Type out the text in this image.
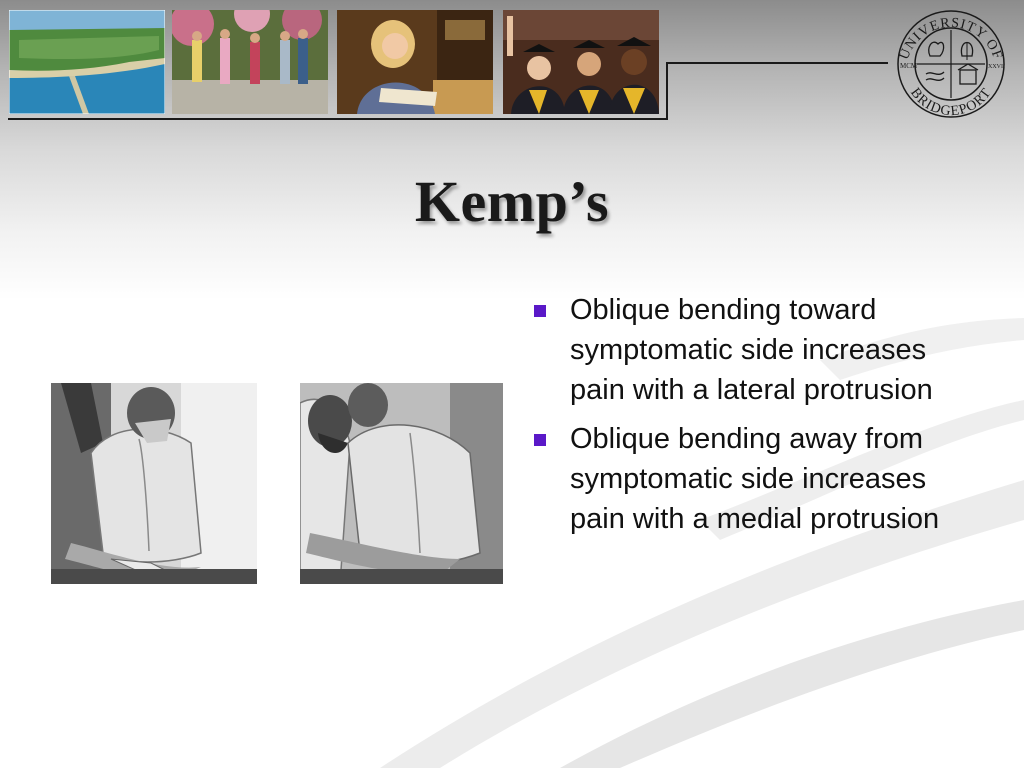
UNIVERSITY OF
BRIDGEPORT
MCM	XXVII
Kemp’s
Oblique bending toward symptomatic side increases pain with a lateral protrusion
Oblique bending away from symptomatic side increases pain with a medial protrusion
